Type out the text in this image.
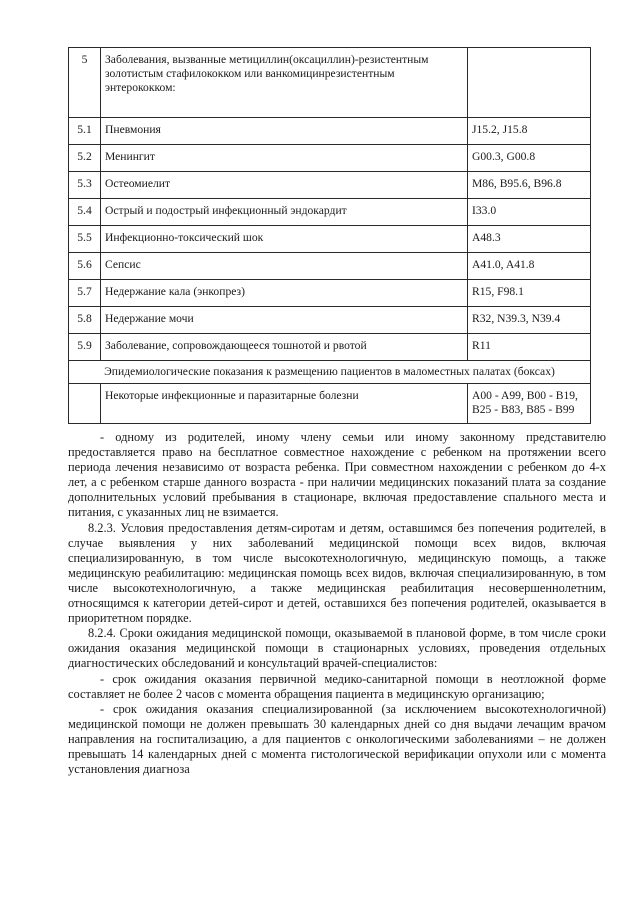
5	Заболевания, вызванные метициллин(оксациллин)-резистентным золотистым стафилококком или ванкомицинрезистентным энтерококком:	
5.1	Пневмония	J15.2, J15.8
5.2	Менингит	G00.3, G00.8
5.3	Остеомиелит	M86, B95.6, B96.8
5.4	Острый и подострый инфекционный эндокардит	I33.0
5.5	Инфекционно-токсический шок	A48.3
5.6	Сепсис	A41.0, A41.8
5.7	Недержание кала (энкопрез)	R15, F98.1
5.8	Недержание мочи	R32, N39.3, N39.4
5.9	Заболевание, сопровождающееся тошнотой и рвотой	R11
Эпидемиологические показания к размещению пациентов в маломестных палатах (боксах)		
	Некоторые инфекционные и паразитарные болезни	A00 - A99, B00 - B19, B25 - B83, B85 - B99

- одному из родителей, иному члену семьи или иному законному представителю предоставляется право на бесплатное совместное нахождение с ребенком на протяжении всего периода лечения независимо от возраста ребенка. При совместном нахождении с ребенком до 4-х лет, а с ребенком старше данного возраста - при наличии медицинских показаний плата за создание дополнительных условий пребывания в стационаре, включая предоставление спального места и питания, с указанных лиц не взимается.

8.2.3. Условия предоставления детям-сиротам и детям, оставшимся без попечения родителей, в случае выявления у них заболеваний медицинской помощи всех видов, включая специализированную, в том числе высокотехнологичную, медицинскую помощь, а также медицинскую реабилитацию: медицинская помощь всех видов, включая специализированную, в том числе высокотехнологичную, а также медицинская реабилитация несовершеннолетним, относящимся к категории детей-сирот и детей, оставшихся без попечения родителей, оказывается в приоритетном порядке.

8.2.4. Сроки ожидания медицинской помощи, оказываемой в плановой форме, в том числе сроки ожидания оказания медицинской помощи в стационарных условиях, проведения отдельных диагностических обследований и консультаций врачей-специалистов:

- срок ожидания оказания первичной медико-санитарной помощи в неотложной форме составляет не более 2 часов с момента обращения пациента в медицинскую организацию;

- срок ожидания оказания специализированной (за исключением высокотехнологичной) медицинской помощи не должен превышать 30 календарных дней со дня выдачи лечащим врачом направления на госпитализацию, а для пациентов с онкологическими заболеваниями – не должен превышать 14 календарных дней с момента гистологической верификации опухоли или с момента установления диагноза
